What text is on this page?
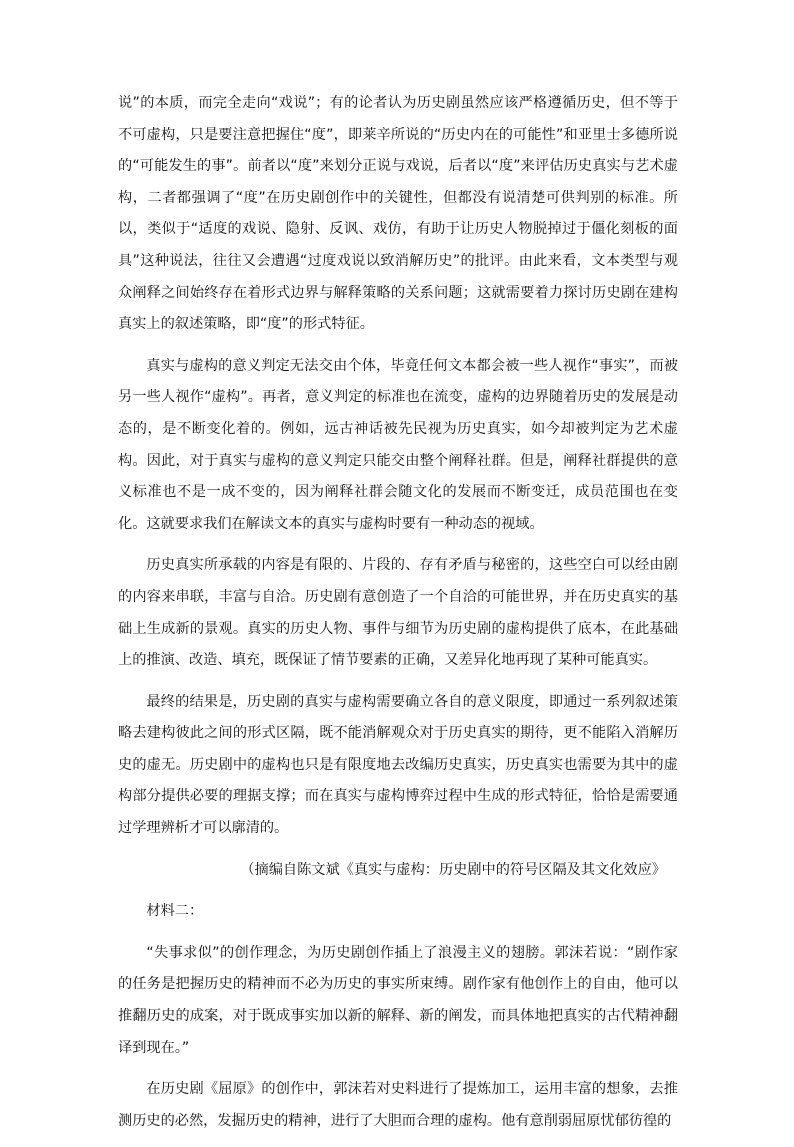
说”的本质，而完全走向“戏说”；有的论者认为历史剧虽然应该严格遵循历史，但不等于不可虚构，只是要注意把握住“度”，即莱辛所说的“历史内在的可能性”和亚里士多德所说的“可能发生的事”。前者以“度”来划分正说与戏说，后者以“度”来评估历史真实与艺术虚构，二者都强调了“度”在历史剧创作中的关键性，但都没有说清楚可供判别的标准。所以，类似于“适度的戏说、隐射、反讽、戏仿，有助于让历史人物脱掉过于僵化刻板的面具”这种说法，往往又会遭遇“过度戏说以致消解历史”的批评。由此来看，文本类型与观众阐释之间始终存在着形式边界与解释策略的关系问题；这就需要着力探讨历史剧在建构真实上的叙述策略，即“度”的形式特征。

真实与虚构的意义判定无法交由个体，毕竟任何文本都会被一些人视作“事实”，而被另一些人视作“虚构”。再者，意义判定的标准也在流变，虚构的边界随着历史的发展是动态的，是不断变化着的。例如，远古神话被先民视为历史真实，如今却被判定为艺术虚构。因此，对于真实与虚构的意义判定只能交由整个阐释社群。但是，阐释社群提供的意义标准也不是一成不变的，因为阐释社群会随文化的发展而不断变迁，成员范围也在变化。这就要求我们在解读文本的真实与虚构时要有一种动态的视域。

历史真实所承载的内容是有限的、片段的、存有矛盾与秘密的，这些空白可以经由剧的内容来串联，丰富与自洽。历史剧有意创造了一个自洽的可能世界，并在历史真实的基础上生成新的景观。真实的历史人物、事件与细节为历史剧的虚构提供了底本，在此基础上的推演、改造、填充，既保证了情节要素的正确，又差异化地再现了某种可能真实。

最终的结果是，历史剧的真实与虚构需要确立各自的意义限度，即通过一系列叙述策略去建构彼此之间的形式区隔，既不能消解观众对于历史真实的期待，更不能陷入消解历史的虚无。历史剧中的虚构也只是有限度地去改编历史真实，历史真实也需要为其中的虚构部分提供必要的理据支撑；而在真实与虚构博弈过程中生成的形式特征，恰恰是需要通过学理辨析才可以廓清的。

（摘编自陈文斌《真实与虚构：历史剧中的符号区隔及其文化效应》

材料二：

“失事求似”的创作理念，为历史剧创作插上了浪漫主义的翅膀。郭沫若说：“剧作家的任务是把握历史的精神而不必为历史的事实所束缚。剧作家有他创作上的自由，他可以推翻历史的成案，对于既成事实加以新的解释、新的阐发，而具体地把真实的古代精神翻译到现在。”

在历史剧《屈原》的创作中，郭沫若对史料进行了提炼加工，运用丰富的想象，去推测历史的必然，发掘历史的精神，进行了大胆而合理的虚构。他有意削弱屈原忧郁彷徨的
